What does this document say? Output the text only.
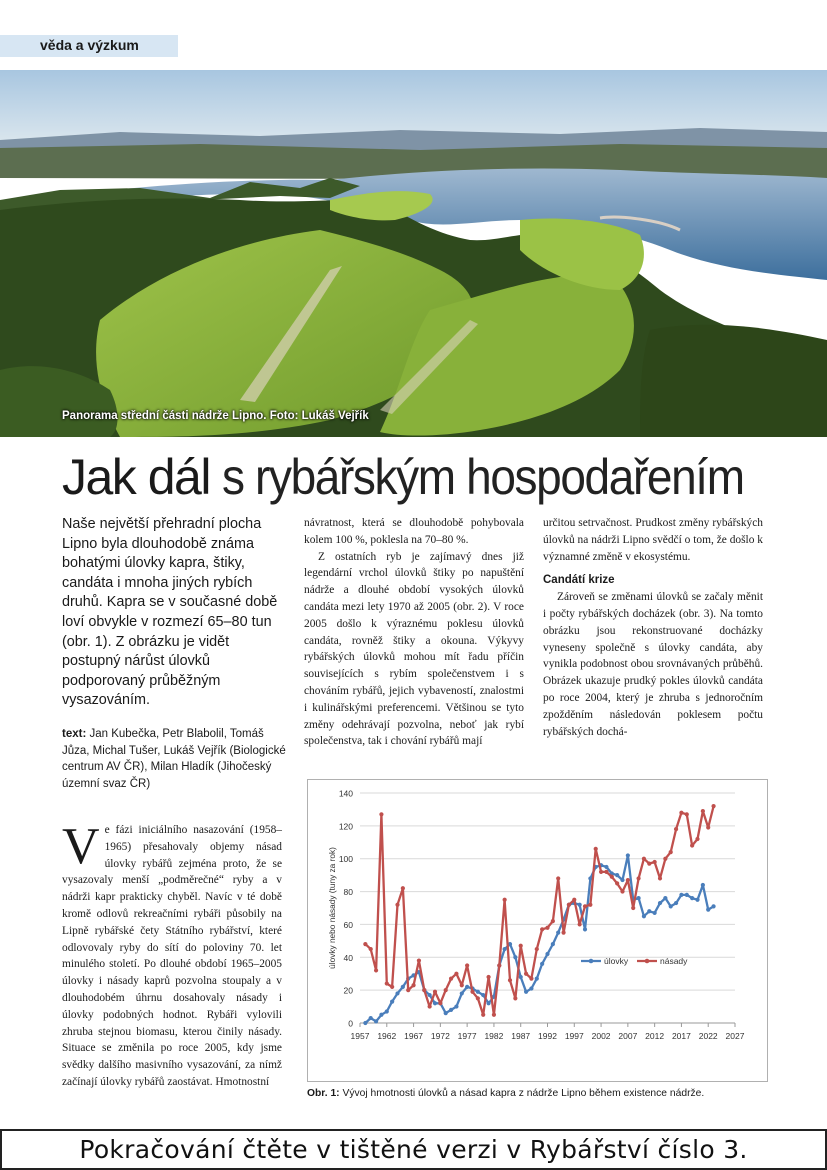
věda a výzkum
Panorama střední části nádrže Lipno. Foto: Lukáš Vejřík
Jak dál s rybářským hospodařením
Naše největší přehradní plocha Lipno byla dlouhodobě známa bohatými úlovky kapra, štiky, candáta i mnoha jiných rybích druhů. Kapra se v současné době loví obvykle v rozmezí 65–80 tun (obr. 1). Z obrázku je vidět postupný nárůst úlovků podporovaný průběžným vysazováním.
text: Jan Kubečka, Petr Blabolil, Tomáš Jůza, Michal Tušer, Lukáš Vejřík (Biologické centrum AV ČR), Milan Hladík (Jihočeský územní svaz ČR)
Ve fázi iniciálního nasazování (1958–1965) přesahovaly objemy násad úlovky rybářů zejména proto, že se vysazovaly menší „podměrečné“ ryby a v nádrži kapr prakticky chyběl. Navíc v té době kromě odlovů rekreačními rybáři působily na Lipně rybářské čety Státního rybářství, které odlovovaly ryby do sítí do poloviny 70. let minulého století. Po dlouhé období 1965–2005 úlovky i násady kaprů pozvolna stoupaly a v dlouhodobém úhrnu dosahovaly násady i úlovky podobných hodnot. Rybáři vylovili zhruba stejnou biomasu, kterou činily násady. Situace se změnila po roce 2005, kdy jsme svědky dalšího masivního vysazování, za nímž začínají úlovky rybářů zaostávat. Hmotnostní

návratnost, která se dlouhodobě pohybovala kolem 100 %, poklesla na 70–80 %.

Z ostatních ryb je zajímavý dnes již legendární vrchol úlovků štiky po napuštění nádrže a dlouhé období vysokých úlovků candáta mezi lety 1970 až 2005 (obr. 2). V roce 2005 došlo k výraznému poklesu úlovků candáta, rovněž štiky a okouna. Výkyvy rybářských úlovků mohou mít řadu příčin souvisejících s rybím společenstvem i s chováním rybářů, jejich vybaveností, znalostmi i kulinářskými preferencemi. Většinou se tyto změny odehrávají pozvolna, neboť jak rybí společenstva, tak i chování rybářů mají

určitou setrvačnost. Prudkost změny rybářských úlovků na nádrži Lipno svědčí o tom, že došlo k významné změně v ekosystému.

Candátí krize

Zároveň se změnami úlovků se začaly měnit i počty rybářských docházek (obr. 3). Na tomto obrázku jsou rekonstruované docházky vyneseny společně s úlovky candáta, aby vynikla podobnost obou srovnávaných průběhů. Obrázek ukazuje prudký pokles úlovků candáta po roce 2004, který je zhruba s jednoročním zpožděním následován poklesem počtu rybářských dochá-

0
20
40
60
80
100
120
140
1957 1962 1967 1972 1977 1982 1987 1992 1997 2002 2007 2012 2017 2022 2027
úlovky nebo násady (tuny za rok)	úlovky	násady
Obr. 1: Vývoj hmotnosti úlovků a násad kapra z nádrže Lipno během existence nádrže.
Pokračování čtěte v tištěné verzi v Rybářství číslo 3.
